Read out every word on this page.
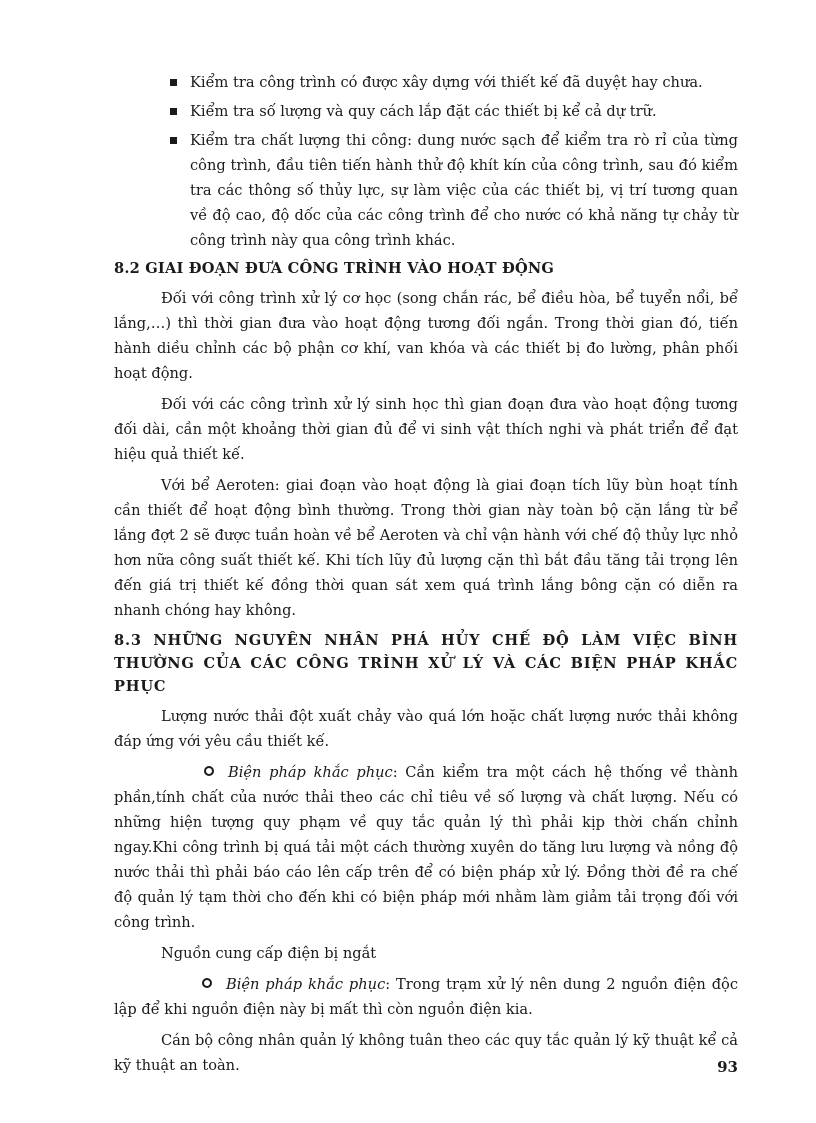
Kiểm tra công trình có được xây dựng với thiết kế đã duyệt hay chưa.
Kiểm tra số lượng và quy cách lắp đặt các thiết bị kể cả dự trữ.
Kiểm tra chất lượng thi công: dung nước sạch để kiểm tra rò rỉ của từng công trình, đầu tiên tiến hành thử độ khít kín của công trình, sau đó kiểm tra các thông số thủy lực, sự làm việc của các thiết bị, vị trí tương quan về độ cao, độ dốc của các công trình để cho nước có khả năng tự chảy từ công trình này qua công trình khác.
8.2 GIAI ĐOẠN ĐƯA CÔNG TRÌNH VÀO HOẠT ĐỘNG

Đối với công trình xử lý cơ học (song chắn rác, bể điều hòa, bể tuyển nổi, bể lắng,…) thì thời gian đưa vào hoạt động tương đối ngắn. Trong thời gian đó, tiến hành diều chỉnh các bộ phận cơ khí, van khóa và các thiết bị đo lường, phân phối hoạt động.

Đối với các công trình xử lý sinh học thì gian đoạn đưa vào hoạt động tương đối dài, cần một khoảng thời gian đủ để vi sinh vật thích nghi và phát triển để đạt hiệu quả thiết kế.

Với bể Aeroten: giai đoạn vào hoạt động là giai đoạn tích lũy bùn hoạt tính cần thiết để hoạt động bình thường. Trong thời gian này toàn bộ cặn lắng từ bể lắng đợt 2 sẽ được tuần hoàn về bể Aeroten và chỉ vận hành với chế độ thủy lực nhỏ hơn nữa công suất thiết kế. Khi tích lũy đủ lượng cặn thì bắt đầu tăng tải trọng lên đến giá trị thiết kế đồng thời quan sát xem quá trình lắng bông cặn có diễn ra nhanh chóng hay không.

8.3 NHỮNG NGUYÊN NHÂN PHÁ HỦY CHẾ ĐỘ LÀM VIỆC BÌNH THƯỜNG CỦA CÁC CÔNG TRÌNH XỬ LÝ VÀ CÁC BIỆN PHÁP KHẮC PHỤC

Lượng nước thải đột xuất chảy vào quá lớn hoặc chất lượng nước thải không đáp ứng với yêu cầu thiết kế.

Biện pháp khắc phục: Cần kiểm tra một cách hệ thống về thành phần,tính chất của nước thải theo các chỉ tiêu về số lượng và chất lượng. Nếu có những hiện tượng quy phạm về quy tắc quản lý thì phải kịp thời chấn chỉnh ngay.Khi công trình bị quá tải một cách thường xuyên do tăng lưu lượng và nồng độ nước thải thì phải báo cáo lên cấp trên để có biện pháp xử lý. Đồng thời đề ra chế độ quản lý tạm thời cho đến khi có biện pháp mới nhằm làm giảm tải trọng đối với công trình.

Nguồn cung cấp điện bị ngắt

Biện pháp khắc phục: Trong trạm xử lý nên dung 2 nguồn điện độc lập để khi nguồn điện này bị mất thì còn nguồn điện kia.

Cán bộ công nhân quản lý không tuân theo các quy tắc quản lý kỹ thuật kể cả kỹ thuật an toàn.	93
